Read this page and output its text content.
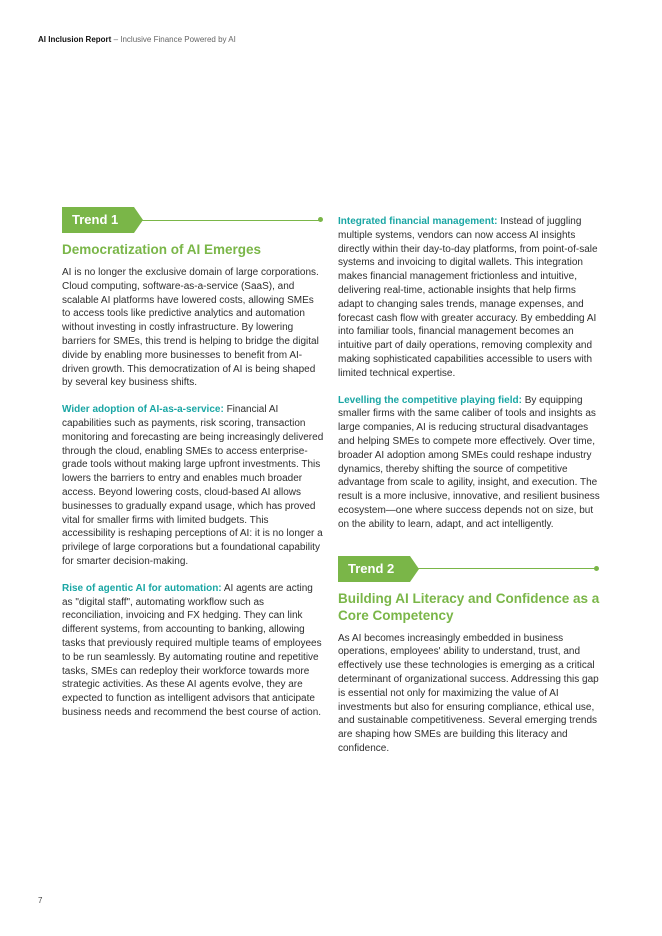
AI Inclusion Report – Inclusive Finance Powered by AI
Trend 1
Democratization of AI Emerges

AI is no longer the exclusive domain of large corporations. Cloud computing, software-as-a-service (SaaS), and scalable AI platforms have lowered costs, allowing SMEs to access tools like predictive analytics and automation without investing in costly infrastructure. By lowering barriers for SMEs, this trend is helping to bridge the digital divide by enabling more businesses to benefit from AI-driven growth. This democratization of AI is being shaped by several key business shifts.

Wider adoption of AI-as-a-service: Financial AI capabilities such as payments, risk scoring, transaction monitoring and forecasting are being increasingly delivered through the cloud, enabling SMEs to access enterprise-grade tools without making large upfront investments. This lowers the barriers to entry and enables much broader access. Beyond lowering costs, cloud-based AI allows businesses to gradually expand usage, which has proved vital for smaller firms with limited budgets. This accessibility is reshaping perceptions of AI: it is no longer a privilege of large corporations but a foundational capability for smarter decision-making.

Rise of agentic AI for automation: AI agents are acting as "digital staff", automating workflow such as reconciliation, invoicing and FX hedging. They can link different systems, from accounting to banking, allowing tasks that previously required multiple teams of employees to be run seamlessly. By automating routine and repetitive tasks, SMEs can redeploy their workforce towards more strategic activities. As these AI agents evolve, they are expected to function as intelligent advisors that anticipate business needs and recommend the best course of action.

Integrated financial management: Instead of juggling multiple systems, vendors can now access AI insights directly within their day-to-day platforms, from point-of-sale systems and invoicing to digital wallets. This integration makes financial management frictionless and intuitive, delivering real-time, actionable insights that help firms adapt to changing sales trends, manage expenses, and forecast cash flow with greater accuracy. By embedding AI into familiar tools, financial management becomes an intuitive part of daily operations, removing complexity and making sophisticated capabilities accessible to users with limited technical expertise.

Levelling the competitive playing field: By equipping smaller firms with the same caliber of tools and insights as large companies, AI is reducing structural disadvantages and helping SMEs to compete more effectively. Over time, broader AI adoption among SMEs could reshape industry dynamics, thereby shifting the source of competitive advantage from scale to agility, insight, and execution. The result is a more inclusive, innovative, and resilient business ecosystem—one where success depends not on size, but on the ability to learn, adapt, and act intelligently.

Trend 2
Building AI Literacy and Confidence as a Core Competency

As AI becomes increasingly embedded in business operations, employees' ability to understand, trust, and effectively use these technologies is emerging as a critical determinant of organizational success. Addressing this gap is essential not only for maximizing the value of AI investments but also for ensuring compliance, ethical use, and sustainable competitiveness. Several emerging trends are shaping how SMEs are building this literacy and confidence.

7
